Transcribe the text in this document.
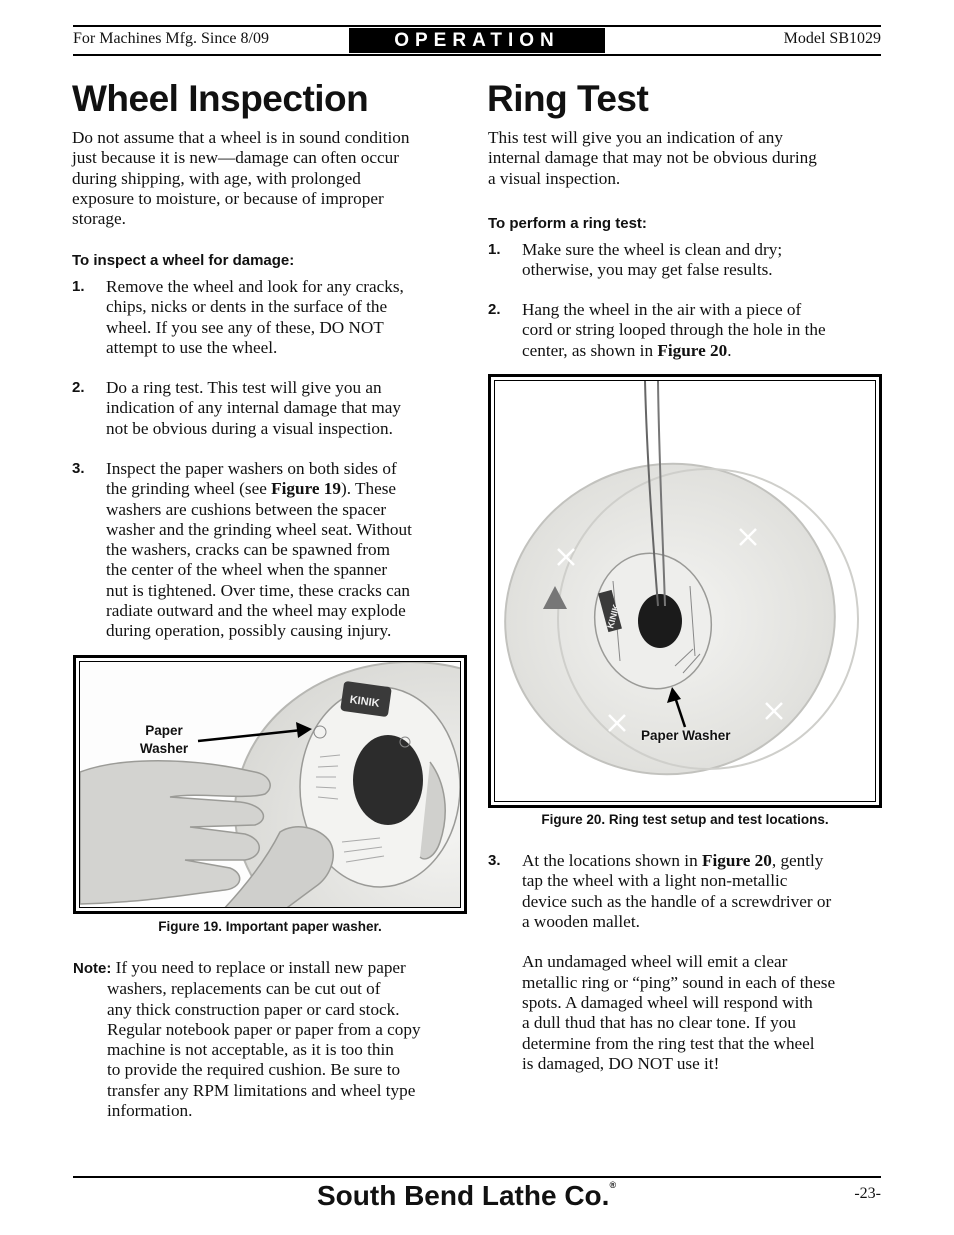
For Machines Mfg. Since 8/09	OPERATION	Model SB1029
Wheel Inspection
Do not assume that a wheel is in sound condition
just because it is new—damage can often occur
during shipping, with age, with prolonged
exposure to moisture, or because of improper
storage.
To inspect a wheel for damage:
1. Remove the wheel and look for any cracks,
chips, nicks or dents in the surface of the
wheel. If you see any of these, DO NOT
attempt to use the wheel.
2. Do a ring test. This test will give you an
indication of any internal damage that may
not be obvious during a visual inspection.
3. Inspect the paper washers on both sides of
the grinding wheel (see Figure 19). These
washers are cushions between the spacer
washer and the grinding wheel seat. Without
the washers, cracks can be spawned from
the center of the wheel when the spanner
nut is tightened. Over time, these cracks can
radiate outward and the wheel may explode
during operation, possibly causing injury.
KINIK
Paper
Washer
Figure 19. Important paper washer.
Note: If you need to replace or install new paper
washers, replacements can be cut out of
any thick construction paper or card stock.
Regular notebook paper or paper from a copy
machine is not acceptable, as it is too thin
to provide the required cushion. Be sure to
transfer any RPM limitations and wheel type
information.
Ring Test
This test will give you an indication of any
internal damage that may not be obvious during
a visual inspection.
To perform a ring test:
1. Make sure the wheel is clean and dry;
otherwise, you may get false results.
2. Hang the wheel in the air with a piece of
cord or string looped through the hole in the
center, as shown in Figure 20.
KINIK
Paper Washer
Figure 20. Ring test setup and test locations.
3. At the locations shown in Figure 20, gently
tap the wheel with a light non-metallic
device such as the handle of a screwdriver or
a wooden mallet.
An undamaged wheel will emit a clear
metallic ring or “ping” sound in each of these
spots. A damaged wheel will respond with
a dull thud that has no clear tone. If you
determine from the ring test that the wheel
is damaged, DO NOT use it!
South Bend Lathe Co.®	-23-
